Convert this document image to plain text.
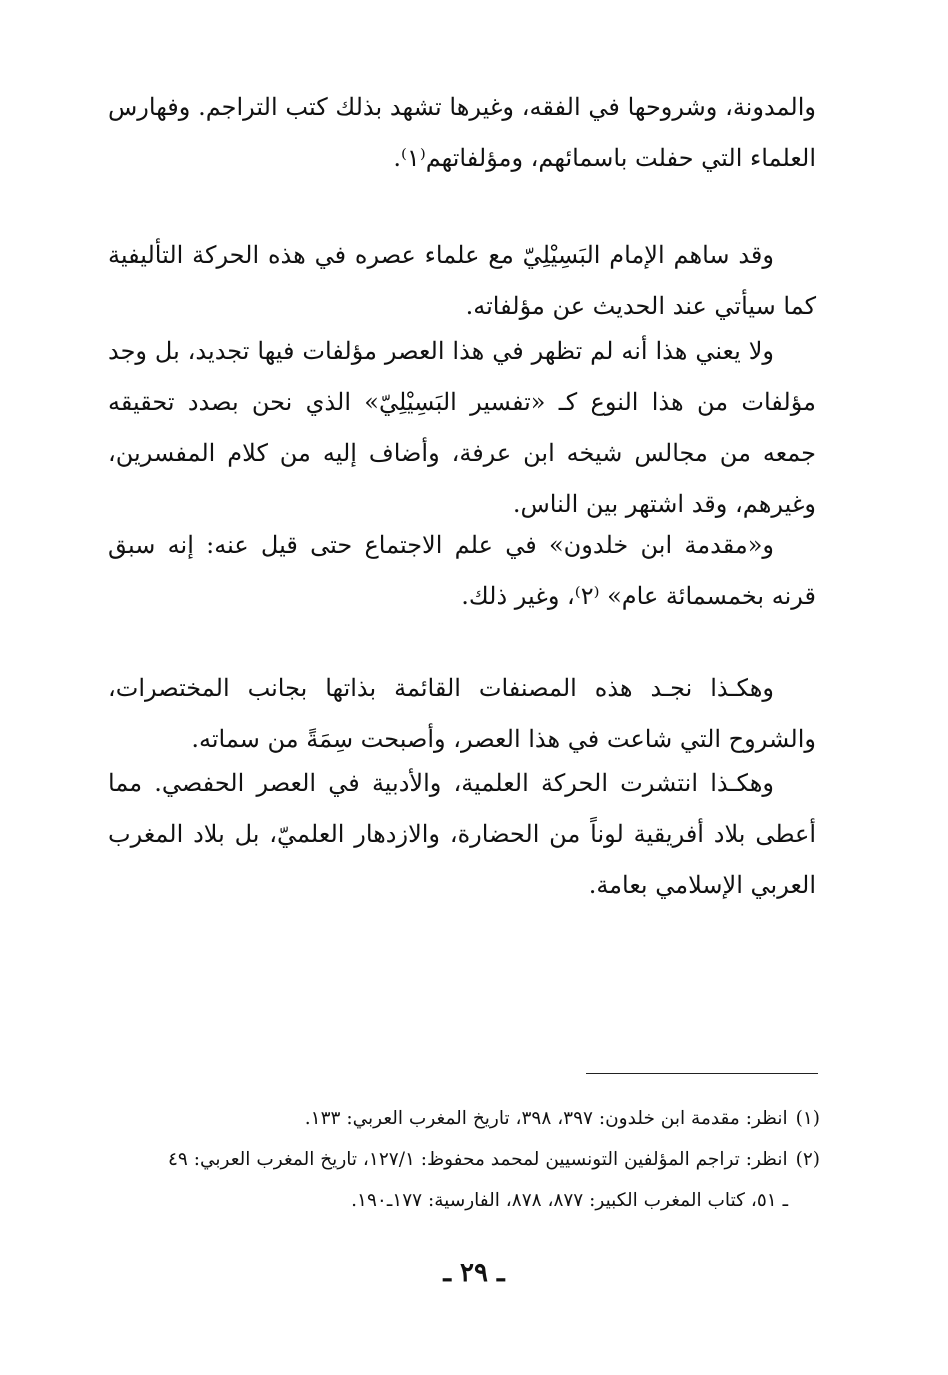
والمدونة، وشروحها في الفقه، وغيرها تشهد بذلك كتب التراجم. وفهارس العلماء التي حفلت باسمائهم، ومؤلفاتهم⁽١⁾.

وقد ساهم الإمام البَسِيْلِيّ مع علماء عصره في هذه الحركة التأليفية كما سيأتي عند الحديث عن مؤلفاته.

ولا يعني هذا أنه لم تظهر في هذا العصر مؤلفات فيها تجديد، بل وجد مؤلفات من هذا النوع كـ «تفسير البَسِيْلِيّ» الذي نحن بصدد تحقيقه جمعه من مجالس شيخه ابن عرفة، وأضاف إليه من كلام المفسرين، وغيرهم، وقد اشتهر بين الناس.

و«مقدمة ابن خلدون» في علم الاجتماع حتى قيل عنه: إنه سبق قرنه بخمسمائة عام» ⁽٢⁾، وغير ذلك.

وهكـذا نجـد هذه المصنفات القائمة بذاتها بجانب المختصرات، والشروح التي شاعت في هذا العصر، وأصبحت سِمَةً من سماته.

وهكـذا انتشرت الحركة العلمية، والأدبية في العصر الحفصي. مما أعطى بلاد أفريقية لوناً من الحضارة، والازدهار العلميّ، بل بلاد المغرب العربي الإسلامي بعامة.

(١)
انظر: مقدمة ابن خلدون: ٣٩٧، ٣٩٨، تاريخ المغرب العربي: ١٣٣.
(٢)
انظر: تراجم المؤلفين التونسيين لمحمد محفوظ: ١٢٧/١، تاريخ المغرب العربي: ٤٩
ـ ٥١، كتاب المغرب الكبير: ٨٧٧، ٨٧٨، الفارسية: ١٧٧ـ١٩٠.
ـ ٢٩ ـ
